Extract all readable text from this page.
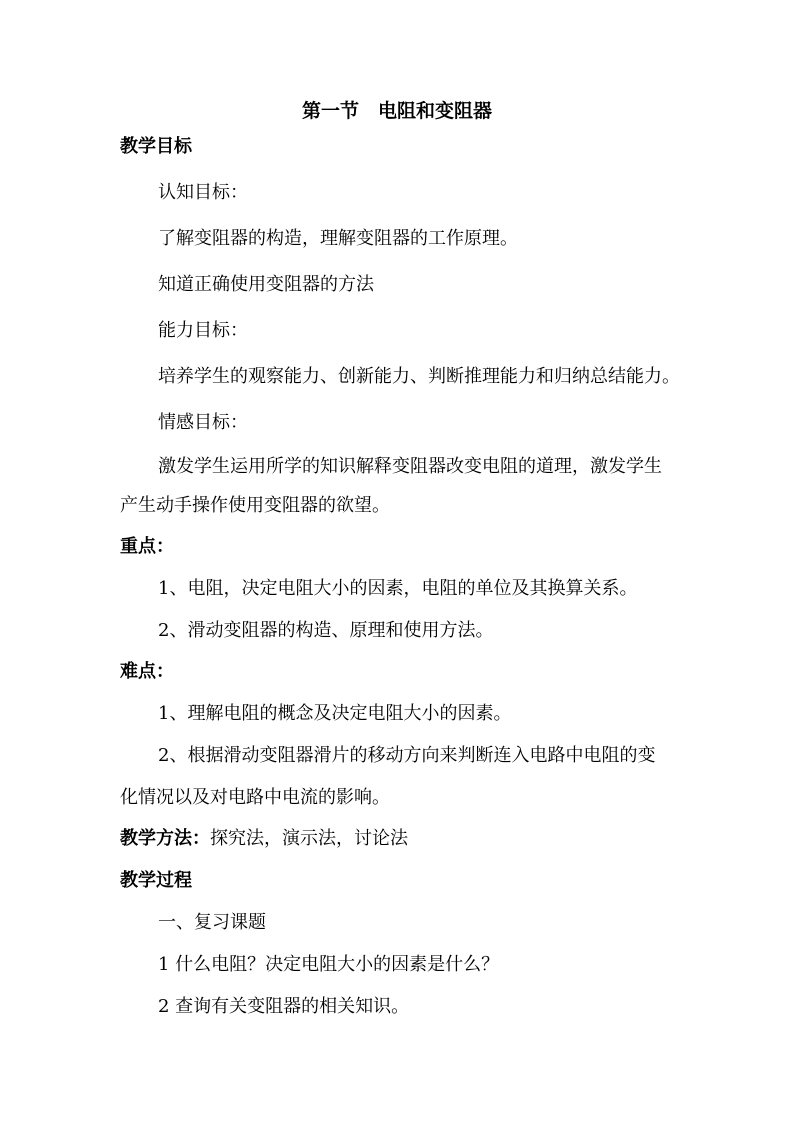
第一节　电阻和变阻器
教学目标
认知目标：
了解变阻器的构造，理解变阻器的工作原理。
知道正确使用变阻器的方法
能力目标：
培养学生的观察能力、创新能力、判断推理能力和归纳总结能力。
情感目标：
激发学生运用所学的知识解释变阻器改变电阻的道理，激发学生
产生动手操作使用变阻器的欲望。
重点：
1、电阻，决定电阻大小的因素，电阻的单位及其换算关系。
2、滑动变阻器的构造、原理和使用方法。
难点：
1、理解电阻的概念及决定电阻大小的因素。
2、根据滑动变阻器滑片的移动方向来判断连入电路中电阻的变
化情况以及对电路中电流的影响。
教学方法：探究法，演示法，讨论法
教学过程
一、复习课题
1 什么电阻？决定电阻大小的因素是什么？
2 查询有关变阻器的相关知识。
